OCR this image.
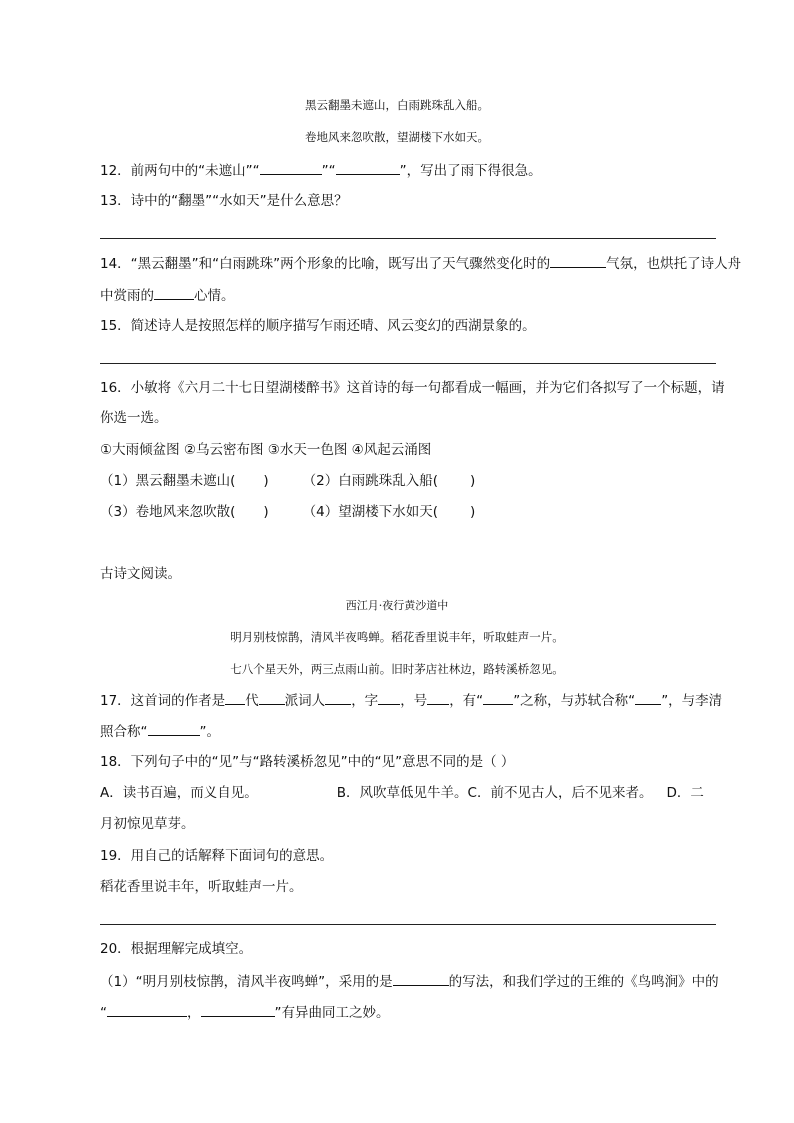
黑云翻墨未遮山，白雨跳珠乱入船。
卷地风来忽吹散，望湖楼下水如天。
12．前两句中的“未遮山”“	”“	”，写出了雨下得很急。
13．诗中的“翻墨”“水如天”是什么意思？
14．“黑云翻墨”和“白雨跳珠”两个形象的比喻，既写出了天气骤然变化时的	气氛，也烘托了诗人舟
中赏雨的	心情。
15．简述诗人是按照怎样的顺序描写乍雨还晴、风云变幻的西湖景象的。
16．小敏将《六月二十七日望湖楼醉书》这首诗的每一句都看成一幅画，并为它们各拟写了一个标题，请
你选一选。
①大雨倾盆图 ②乌云密布图 ③水天一色图 ④风起云涌图
（1）黑云翻墨未遮山( )	（2）白雨跳珠乱入船( )
（3）卷地风来忽吹散( )	（4）望湖楼下水如天( )
古诗文阅读。
西江月·夜行黄沙道中
明月别枝惊鹊，清风半夜鸣蝉。稻花香里说丰年，听取蛙声一片。
七八个星天外，两三点雨山前。旧时茅店社林边，路转溪桥忽见。
17．这首词的作者是 代 派词人 ，字 ，号 ，有“ ”之称，与苏轼合称“ ”，与李清
照合称“	”。
18．下列句子中的“见”与“路转溪桥忽见”中的“见”意思不同的是（ ）
A．读书百遍，而义自见。	B．风吹草低见牛羊。C．前不见古人，后不见来者。 D．二
月初惊见草芽。
19．用自己的话解释下面词句的意思。
稻花香里说丰年，听取蛙声一片。
20．根据理解完成填空。
（1）“明月别枝惊鹊，清风半夜鸣蝉”，采用的是	的写法，和我们学过的王维的《鸟鸣涧》中的
“	，	”有异曲同工之妙。
